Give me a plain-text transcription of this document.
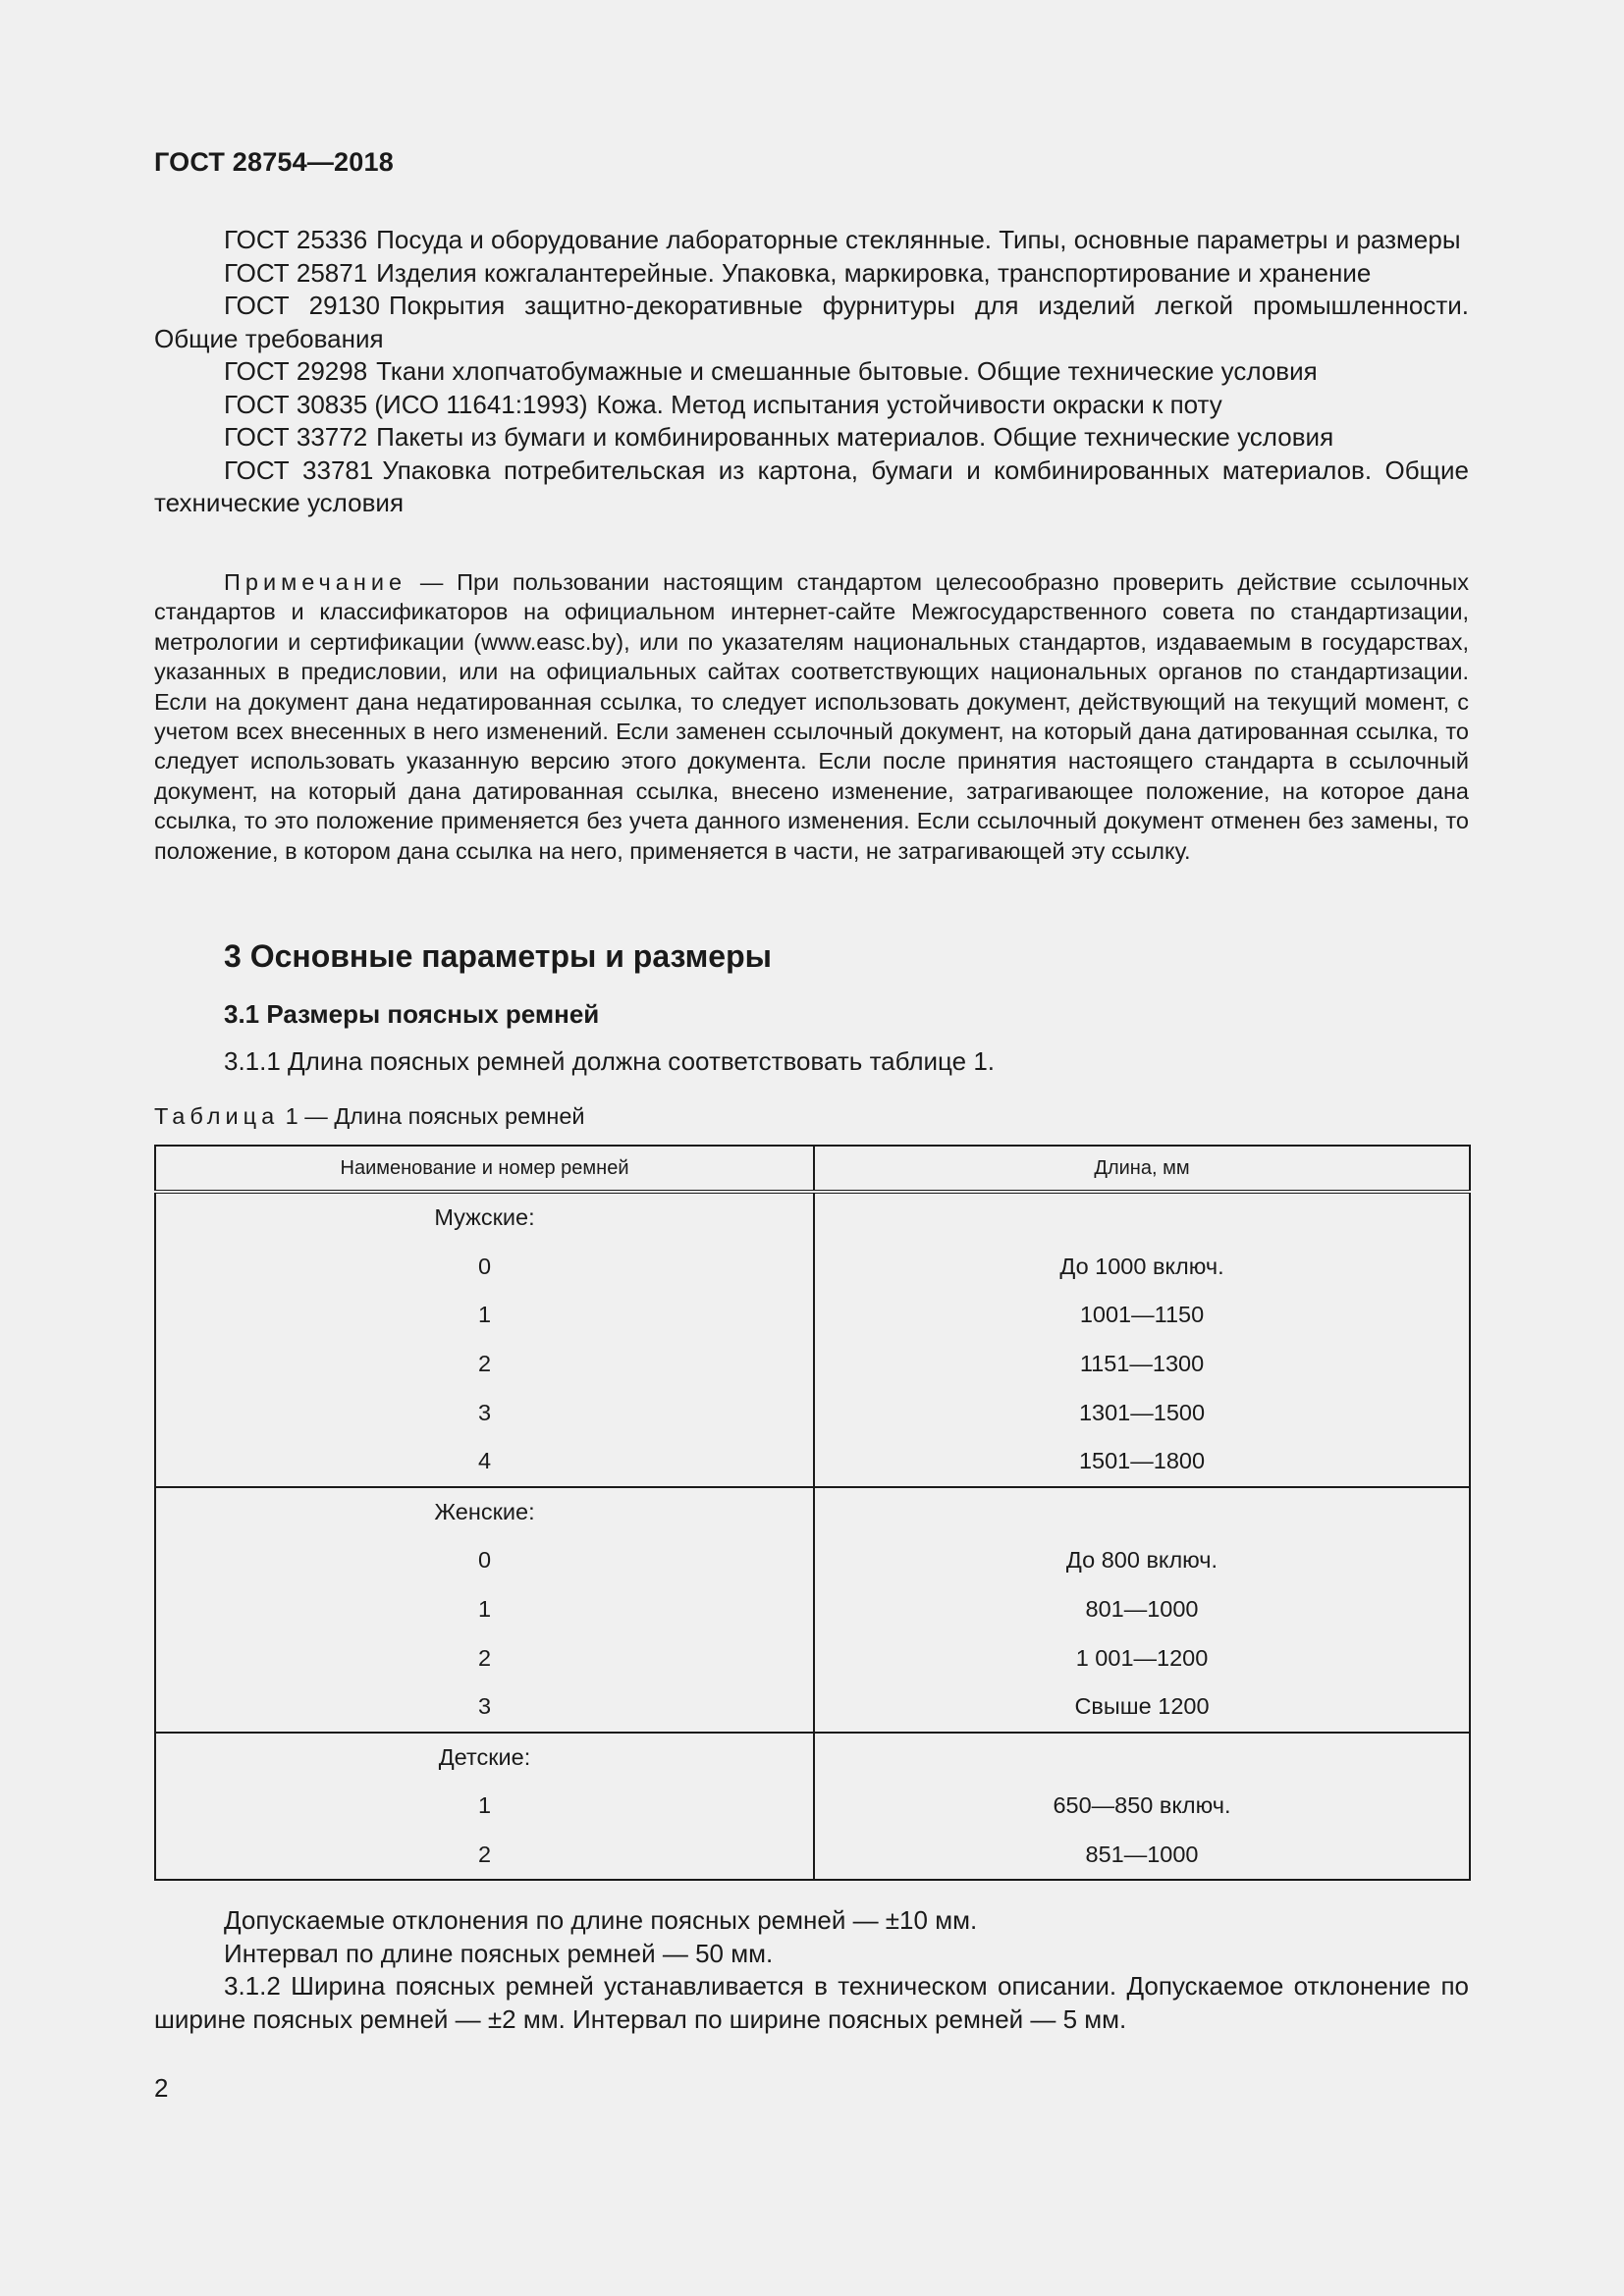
ГОСТ 28754—2018
ГОСТ 25336 Посуда и оборудование лабораторные стеклянные. Типы, основные параметры и размеры
ГОСТ 25871 Изделия кожгалантерейные. Упаковка, маркировка, транспортирование и хранение
ГОСТ 29130 Покрытия защитно-декоративные фурнитуры для изделий легкой промышленности. Общие требования
ГОСТ 29298 Ткани хлопчатобумажные и смешанные бытовые. Общие технические условия
ГОСТ 30835 (ИСО 11641:1993) Кожа. Метод испытания устойчивости окраски к поту
ГОСТ 33772 Пакеты из бумаги и комбинированных материалов. Общие технические условия
ГОСТ 33781 Упаковка потребительская из картона, бумаги и комбинированных материалов. Общие технические условия
Примечание — При пользовании настоящим стандартом целесообразно проверить действие ссылочных стандартов и классификаторов на официальном интернет-сайте Межгосударственного совета по стандартизации, метрологии и сертификации (www.easc.by), или по указателям национальных стандартов, издаваемым в государствах, указанных в предисловии, или на официальных сайтах соответствующих национальных органов по стандартизации. Если на документ дана недатированная ссылка, то следует использовать документ, действующий на текущий момент, с учетом всех внесенных в него изменений. Если заменен ссылочный документ, на который дана датированная ссылка, то следует использовать указанную версию этого документа. Если после принятия настоящего стандарта в ссылочный документ, на который дана датированная ссылка, внесено изменение, затрагивающее положение, на которое дана ссылка, то это положение применяется без учета данного изменения. Если ссылочный документ отменен без замены, то положение, в котором дана ссылка на него, применяется в части, не затрагивающей эту ссылку.
3 Основные параметры и размеры
3.1 Размеры поясных ремней
3.1.1 Длина поясных ремней должна соответствовать таблице 1.
Таблица 1 — Длина поясных ремней
Наименование и номер ремней	Длина, мм
Мужские:	
0	До 1000 включ.
1	1001—1150
2	1151—1300
3	1301—1500
4	1501—1800
Женские:	
0	До 800 включ.
1	801—1000
2	1 001—1200
3	Свыше 1200
Детские:	
1	650—850 включ.
2	851—1000

Допускаемые отклонения по длине поясных ремней — ±10 мм.

Интервал по длине поясных ремней — 50 мм.

3.1.2 Ширина поясных ремней устанавливается в техническом описании. Допускаемое отклонение по ширине поясных ремней — ±2 мм. Интервал по ширине поясных ремней — 5 мм.

2
